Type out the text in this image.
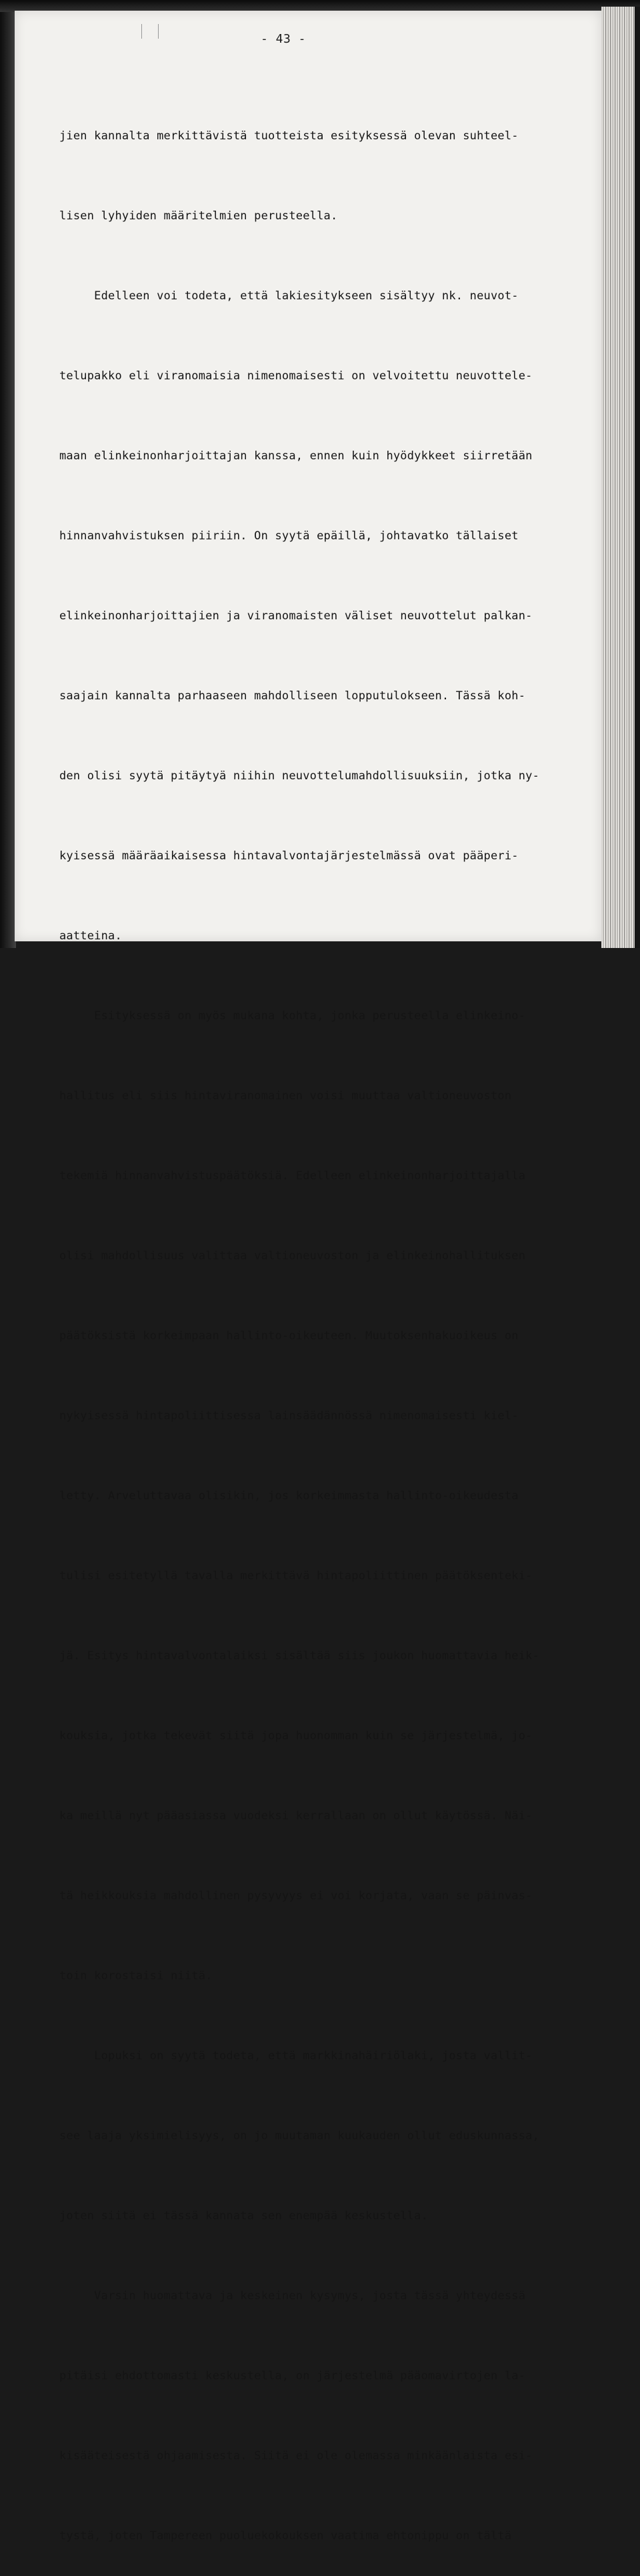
- 43 -

jien kannalta merkittävistä tuotteista esityksessä olevan suhteel-

lisen lyhyiden määritelmien perusteella.

Edelleen voi todeta, että lakiesitykseen sisältyy nk. neuvot-

telupakko eli viranomaisia nimenomaisesti on velvoitettu neuvottele-

maan elinkeinonharjoittajan kanssa, ennen kuin hyödykkeet siirretään

hinnanvahvistuksen piiriin. On syytä epäillä, johtavatko tällaiset

elinkeinonharjoittajien ja viranomaisten väliset neuvottelut palkan-

saajain kannalta parhaaseen mahdolliseen lopputulokseen. Tässä koh-

den olisi syytä pitäytyä niihin neuvottelumahdollisuuksiin, jotka ny-

kyisessä määräaikaisessa hintavalvontajärjestelmässä ovat pääperi-

aatteina.

Esityksessä on myös mukana kohta, jonka perusteella elinkeino-

hallitus eli siis hintaviranomainen voisi muuttaa valtioneuvoston

tekemiä hinnanvahvistuspäätöksiä. Edelleen elinkeinonharjoittajalla

olisi mahdollisuus valittaa valtioneuvoston ja elinkeinohallituksen

päätöksistä korkeimpaan hallinto-oikeuteen. Muutoksenhakuoikeus on

nykyisessä hintapoliittisessa lainsäädännössä nimenomaisesti kiel-

letty. Arveluttavaa olisikin, jos korkeimmasta hallinto-oikeudesta

tulisi esitetyllä tavalla merkittävä hintapoliittinen päätöksenteki-

jä. Esitys hintavalvontalaiksi sisältää siis joukon huomattavia heik-

kouksia, jotka tekevät siitä jopa huonomman kuin se järjestelmä, jo-

ka meillä nyt pääasiassa vuodeksi kerrallaan on ollut käytössä. Näi-

tä heikkouksia mahdollinen pysyvyys ei voi korjata, vaan se päinvas-

toin korostaisi niitä.

Lopuksi on syytä todeta, että markkinahäiriölaki, josta vallit-

see laaja yksimielisyys, on jo muutaman kuukauden ollut eduskunnassa,

joten siitä ei tässä kannata sen enempää keskustella.

Varsin huomattava ja keskeinen kysymys, josta tässä yhteydessä

pitäisi ehdottomasti keskustella, on järjestelmä pääomavirtojen la-

kisääteisestä ohjaamisesta. Siitä ei ole olemassa minkäänlaista esi-

tystä, joten Tampereen puoluekokouksen vaatima ehtonippu on tältä
